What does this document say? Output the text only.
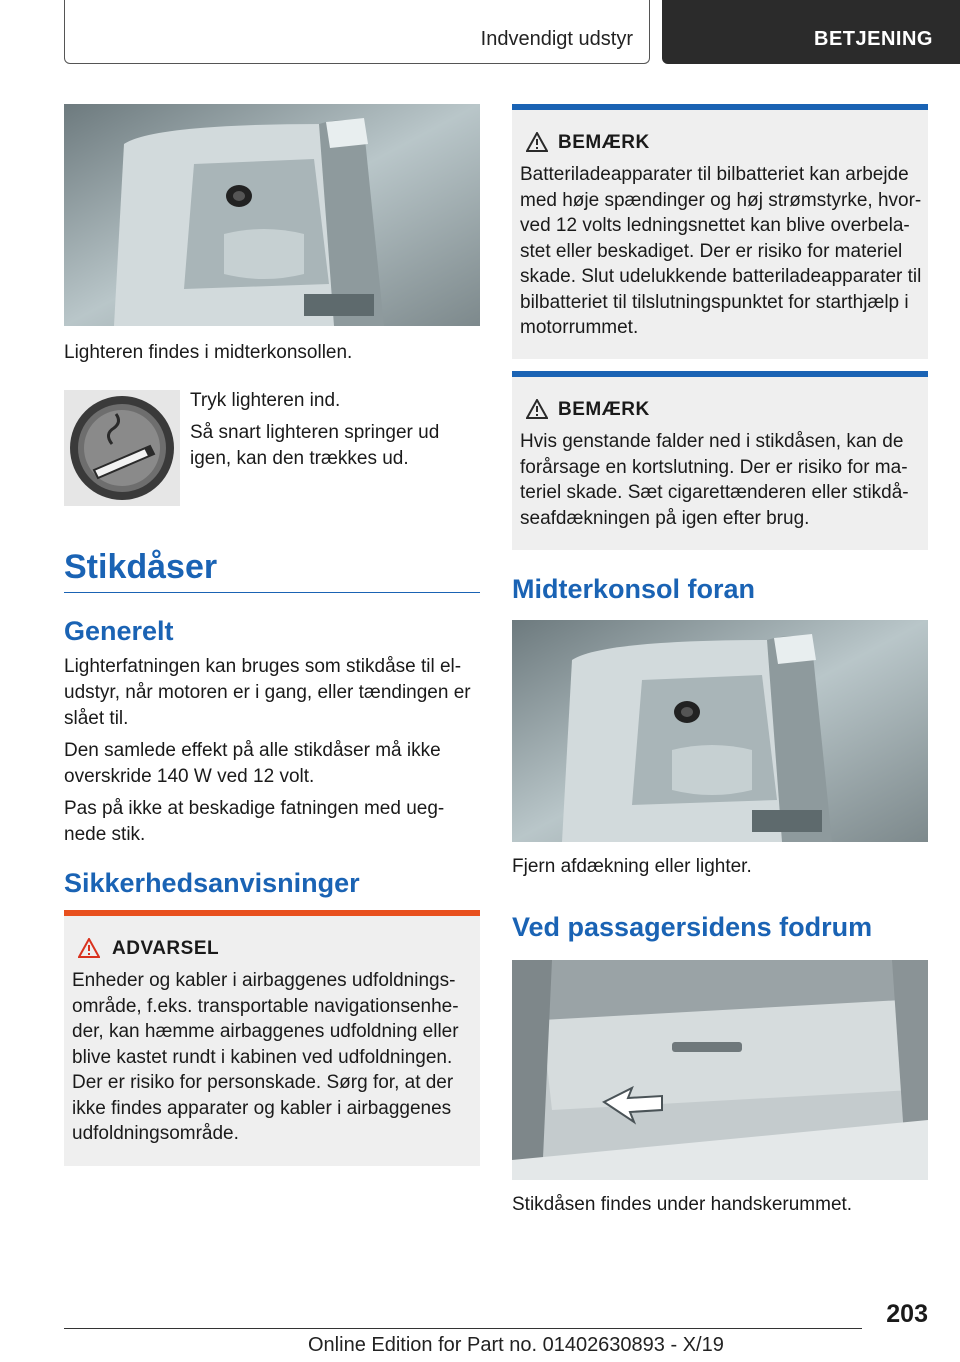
Indvendigt udstyr	BETJENING
Lighteren findes i midterkonsollen.
Tryk lighteren ind.
Så snart lighteren springer ud igen, kan den trækkes ud.
Stikdåser
Generelt
Lighterfatningen kan bruges som stikdåse til el-udstyr, når motoren er i gang, eller tændingen er slået til.
Den samlede effekt på alle stikdåser må ikke overskride 140 W ved 12 volt.
Pas på ikke at beskadige fatningen med ueg-nede stik.
Sikkerhedsanvisninger
ADVARSEL
Enheder og kabler i airbaggenes udfoldnings-område, f.eks. transportable navigationsenhe-der, kan hæmme airbaggenes udfoldning eller blive kastet rundt i kabinen ved udfoldningen. Der er risiko for personskade. Sørg for, at der ikke findes apparater og kabler i airbaggenes udfoldningsområde.
BEMÆRK
Batteriladeapparater til bilbatteriet kan arbejde med høje spændinger og høj strømstyrke, hvor-ved 12 volts ledningsnettet kan blive overbela-stet eller beskadiget. Der er risiko for materiel skade. Slut udelukkende batteriladeapparater til bilbatteriet til tilslutningspunktet for starthjælp i motorrummet.
BEMÆRK
Hvis genstande falder ned i stikdåsen, kan de forårsage en kortslutning. Der er risiko for ma-teriel skade. Sæt cigarettænderen eller stikdå-seafdækningen på igen efter brug.
Midterkonsol foran
Fjern afdækning eller lighter.
Ved passagersidens fodrum
Stikdåsen findes under handskerummet.
203
Online Edition for Part no. 01402630893 - X/19
